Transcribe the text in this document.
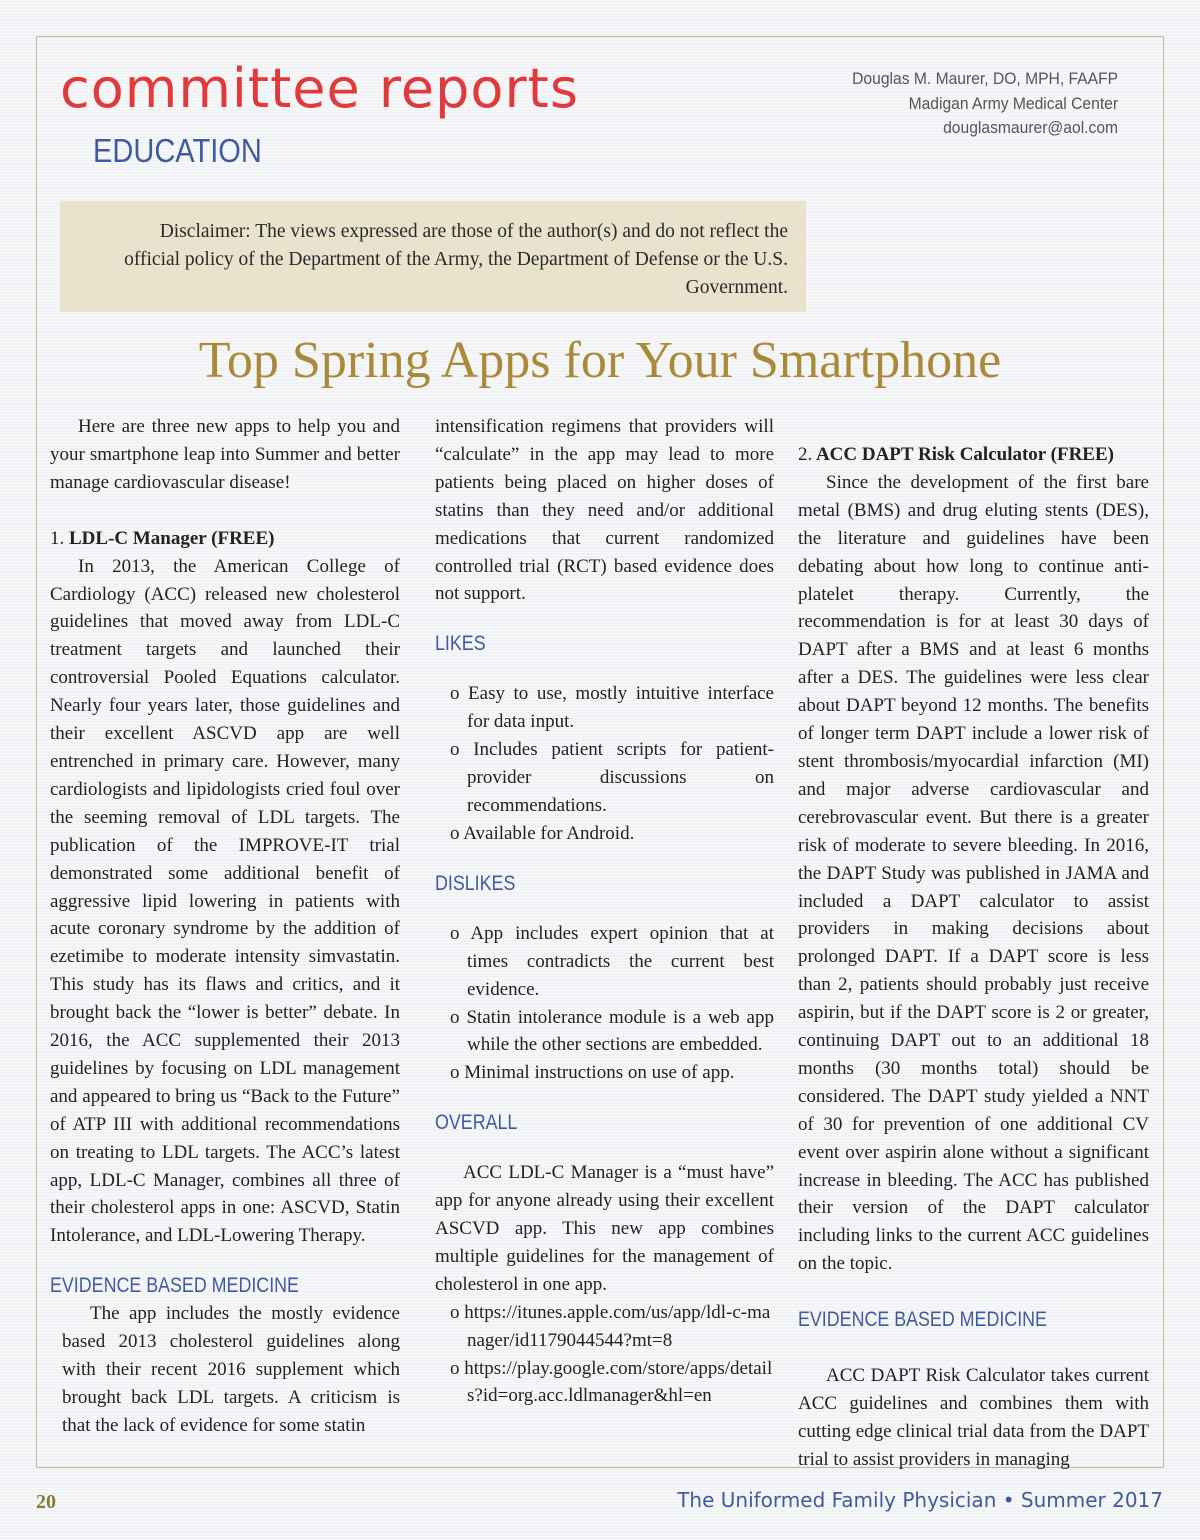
committee reports
EDUCATION
Douglas M. Maurer, DO, MPH, FAAFP
Madigan Army Medical Center
douglasmaurer@aol.com
Disclaimer: The views expressed are those of the author(s) and do not reflect the official policy of the Department of the Army, the Department of Defense or the U.S. Government.
Top Spring Apps for Your Smartphone

Here are three new apps to help you and your smartphone leap into Summer and better manage cardiovascular disease!

1. LDL-C Manager (FREE)

In 2013, the American College of Cardiology (ACC) released new cholesterol guidelines that moved away from LDL-C treatment targets and launched their controversial Pooled Equations calculator. Nearly four years later, those guidelines and their excellent ASCVD app are well entrenched in primary care. However, many cardiologists and lipidologists cried foul over the seeming removal of LDL targets. The publication of the IMPROVE-IT trial demonstrated some additional benefit of aggressive lipid lowering in patients with acute coronary syndrome by the addition of ezetimibe to moderate intensity simvastatin. This study has its flaws and critics, and it brought back the “lower is better” debate. In 2016, the ACC supplemented their 2013 guidelines by focusing on LDL management and appeared to bring us “Back to the Future” of ATP III with additional recommendations on treating to LDL targets. The ACC’s latest app, LDL-C Manager, combines all three of their cholesterol apps in one: ASCVD, Statin Intolerance, and LDL-Lowering Therapy.

EVIDENCE BASED MEDICINE

The app includes the mostly evidence based 2013 cholesterol guidelines along with their recent 2016 supplement which brought back LDL targets. A criticism is that the lack of evidence for some statin

intensification regimens that providers will “calculate” in the app may lead to more patients being placed on higher doses of statins than they need and/or additional medications that current randomized controlled trial (RCT) based evidence does not support.

LIKES

o Easy to use, mostly intuitive interface for data input.

o Includes patient scripts for patient-provider discussions on recommendations.

o Available for Android.

DISLIKES

o App includes expert opinion that at times contradicts the current best evidence.

o Statin intolerance module is a web app while the other sections are embedded.

o Minimal instructions on use of app.

OVERALL

ACC LDL-C Manager is a “must have” app for anyone already using their excellent ASCVD app. This new app combines multiple guidelines for the management of cholesterol in one app.

o https://itunes.apple.com/us/app/ldl-c-manager/id1179044544?mt=8

o https://play.google.com/store/apps/details?id=org.acc.ldlmanager&hl=en

2. ACC DAPT Risk Calculator (FREE)

Since the development of the first bare metal (BMS) and drug eluting stents (DES), the literature and guidelines have been debating about how long to continue anti-platelet therapy. Currently, the recommendation is for at least 30 days of DAPT after a BMS and at least 6 months after a DES. The guidelines were less clear about DAPT beyond 12 months. The benefits of longer term DAPT include a lower risk of stent thrombosis/myocardial infarction (MI) and major adverse cardiovascular and cerebrovascular event. But there is a greater risk of moderate to severe bleeding. In 2016, the DAPT Study was published in JAMA and included a DAPT calculator to assist providers in making decisions about prolonged DAPT. If a DAPT score is less than 2, patients should probably just receive aspirin, but if the DAPT score is 2 or greater, continuing DAPT out to an additional 18 months (30 months total) should be considered. The DAPT study yielded a NNT of 30 for prevention of one additional CV event over aspirin alone without a significant increase in bleeding. The ACC has published their version of the DAPT calculator including links to the current ACC guidelines on the topic.

EVIDENCE BASED MEDICINE

ACC DAPT Risk Calculator takes current ACC guidelines and combines them with cutting edge clinical trial data from the DAPT trial to assist providers in managing

20	The Uniformed Family Physician • Summer 2017
